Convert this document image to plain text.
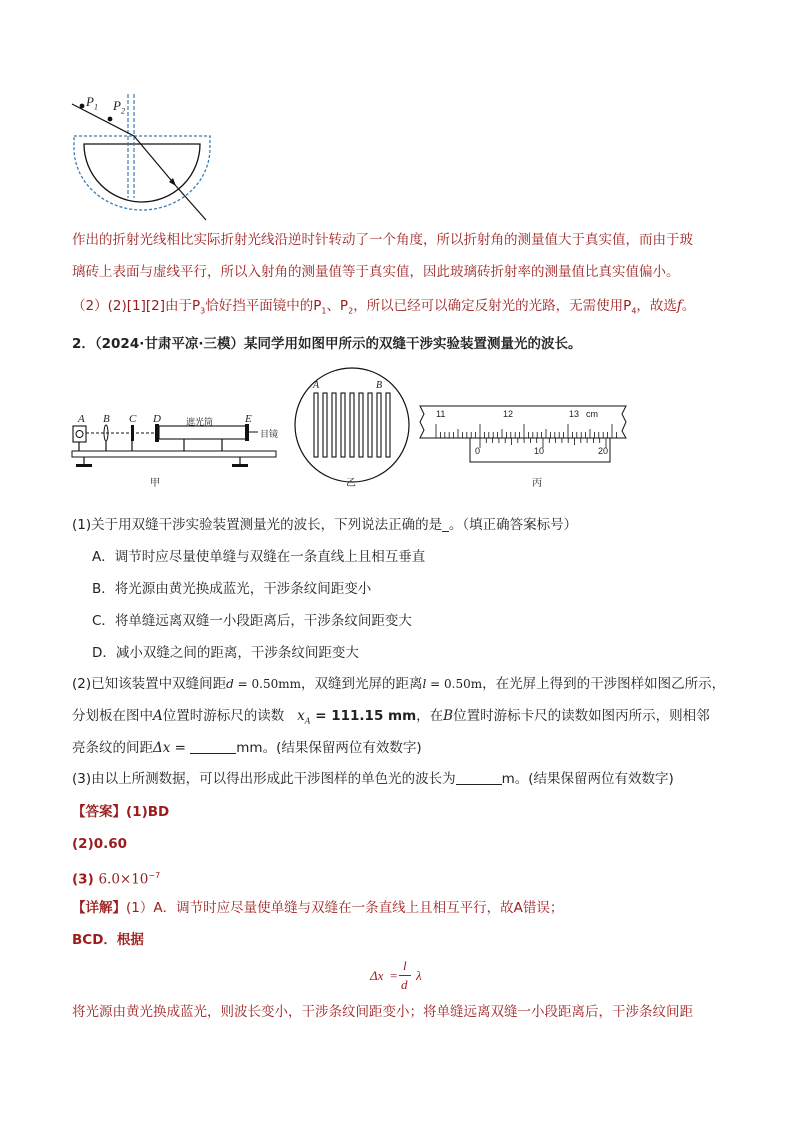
$P_1$ $P_2$
作出的折射光线相比实际折射光线沿逆时针转动了一个角度，所以折射角的测量值大于真实值，而由于玻
璃砖上表面与虚线平行，所以入射角的测量值等于真实值，因此玻璃砖折射率的测量值比真实值偏小。
（2）(2)[1][2]由于$P_3$恰好挡平面镜中的$P_1$、$P_2$，所以已经可以确定反射光的光路，无需使用$P_4$，故选f。
2．（2024·甘肃平凉·三模）某同学用如图甲所示的双缝干涉实验装置测量光的波长。
A B C D	E
遮光筒
目镜
甲
A	B
乙
11	12	13 cm
0	10	20
丙
(1)关于用双缝干涉实验装置测量光的波长，下列说法正确的是_。（填正确答案标号）
A．调节时应尽量使单缝与双缝在一条直线上且相互垂直
B．将光源由黄光换成蓝光，干涉条纹间距变小
C．将单缝远离双缝一小段距离后，干涉条纹间距变大
D．减小双缝之间的距离，干涉条纹间距变大
(2)已知该装置中双缝间距d = 0.50mm，双缝到光屏的距离l = 0.50m，在光屏上得到的干涉图样如图乙所示，
分划板在图中A位置时游标尺的读数 $x_A = 111.15$ mm，在B位置时游标卡尺的读数如图丙所示，则相邻
亮条纹的间距Δx =	mm。(结果保留两位有效数字)
(3)由以上所测数据，可以得出形成此干涉图样的单色光的波长为	m。(结果保留两位有效数字)
【答案】(1)BD
(2)0.60
(3) $6.0\times 10^{-7}$
【详解】(1）A．调节时应尽量使单缝与双缝在一条直线上且相互平行，故A错误；
BCD．根据
Δx =
l
d
λ
将光源由黄光换成蓝光，则波长变小，干涉条纹间距变小；将单缝远离双缝一小段距离后，干涉条纹间距
